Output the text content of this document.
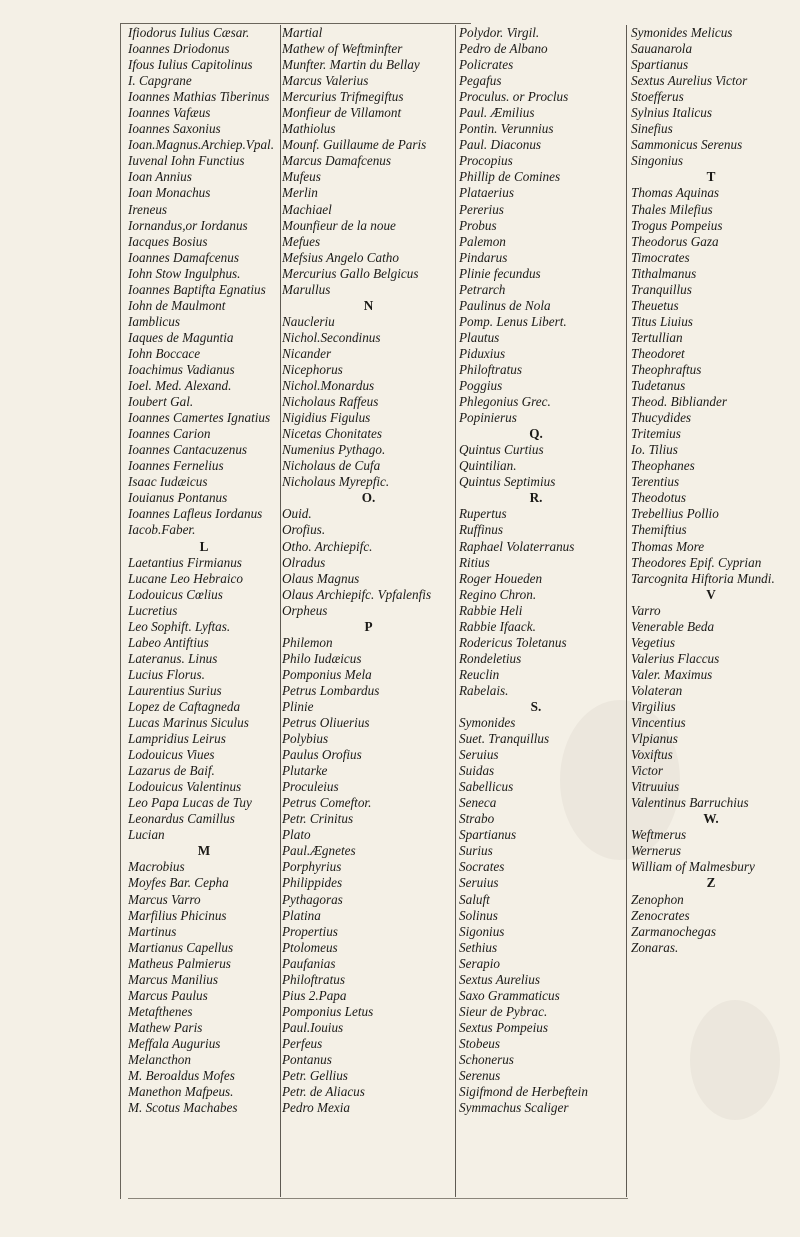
Ifiodorus Iulius Cæsar.
Ioannes Driodonus
Ifous Iulius Capitolinus
I. Capgrane
Ioannes Mathias Tiberinus
Ioannes Vafæus
Ioannes Saxonius
Ioan.Magnus.Archiep.Vpal.
Iuvenal Iohn Functius
Ioan Annius
Ioan Monachus
Ireneus
Iornandus,or Iordanus
Iacques Bosius
Ioannes Damafcenus
Iohn Stow Ingulphus.
Ioannes Baptifta Egnatius
Iohn de Maulmont
Iamblicus
Iaques de Maguntia
Iohn Boccace
Ioachimus Vadianus
Ioel. Med. Alexand.
Ioubert Gal.
Ioannes Camertes Ignatius
Ioannes Carion
Ioannes Cantacuzenus
Ioannes Fernelius
Isaac Iudæicus
Iouianus Pontanus
Ioannes Lafleus Iordanus
Iacob.Faber.
L
Laetantius Firmianus
Lucane Leo Hebraico
Lodouicus Cœlius
Lucretius
Leo Sophift. Lyftas.
Labeo Antiftius
Lateranus. Linus
Lucius Florus.
Laurentius Surius
Lopez de Caftagneda
Lucas Marinus Siculus
Lampridius Leirus
Lodouicus Viues
Lazarus de Baif.
Lodouicus Valentinus
Leo Papa Lucas de Tuy
Leonardus Camillus
Lucian
M
Macrobius
Moyfes Bar. Cepha
Marcus Varro
Marfilius Phicinus
Martinus
Martianus Capellus
Matheus Palmierus
Marcus Manilius
Marcus Paulus
Metafthenes
Mathew Paris
Meffala Augurius
Melancthon
M. Beroaldus Mofes
Manethon Mafpeus.
M. Scotus Machabes
Martial
Mathew of Weftminfter
Munfter. Martin du Bellay
Marcus Valerius
Mercurius Trifmegiftus
Monfieur de Villamont
Mathiolus
Mounf. Guillaume de Paris
Marcus Damafcenus
Mufeus
Merlin
Machiael
Mounfieur de la noue
Mefues
Mefsius Angelo Catho
Mercurius Gallo Belgicus
Marullus
N
Naucleriu
Nichol.Secondinus
Nicander
Nicephorus
Nichol.Monardus
Nicholaus Raffeus
Nigidius Figulus
Nicetas Chonitates
Numenius Pythago.
Nicholaus de Cufa
Nicholaus Myrepfic.
O.
Ouid.
Orofius.
Otho. Archiepifc.
Olradus
Olaus Magnus
Olaus Archiepifc. Vpfalenfis
Orpheus
P
Philemon
Philo Iudæicus
Pomponius Mela
Petrus Lombardus
Plinie
Petrus Oliuerius
Polybius
Paulus Orofius
Plutarke
Proculeius
Petrus Comeftor.
Petr. Crinitus
Plato
Paul.Ægnetes
Porphyrius
Philippides
Pythagoras
Platina
Propertius
Ptolomeus
Paufanias
Philoftratus
Pius 2.Papa
Pomponius Letus
Paul.Iouius
Perfeus
Pontanus
Petr. Gellius
Petr. de Aliacus
Pedro Mexia
Polydor. Virgil.
Pedro de Albano
Policrates
Pegafus
Proculus. or Proclus
Paul. Æmilius
Pontin. Verunnius
Paul. Diaconus
Procopius
Phillip de Comines
Plataerius
Pererius
Probus
Palemon
Pindarus
Plinie fecundus
Petrarch
Paulinus de Nola
Pomp. Lenus Libert.
Plautus
Piduxius
Philoftratus
Poggius
Phlegonius Grec.
Popinierus
Q.
Quintus Curtius
Quintilian.
Quintus Septimius
R.
Rupertus
Ruffinus
Raphael Volaterranus
Ritius
Roger Houeden
Regino Chron.
Rabbie Heli
Rabbie Ifaack.
Rodericus Toletanus
Rondeletius
Reuclin
Rabelais.
S.
Symonides
Suet. Tranquillus
Seruius
Suidas
Sabellicus
Seneca
Strabo
Spartianus
Surius
Socrates
Seruius
Saluft
Solinus
Sigonius
Sethius
Serapio
Sextus Aurelius
Saxo Grammaticus
Sieur de Pybrac.
Sextus Pompeius
Stobeus
Schonerus
Serenus
Sigifmond de Herbeftein
Symmachus Scaliger
Symonides Melicus
Sauanarola
Spartianus
Sextus Aurelius Victor
Stoefferus
Sylnius Italicus
Sinefius
Sammonicus Serenus
Singonius
T
Thomas Aquinas
Thales Milefius
Trogus Pompeius
Theodorus Gaza
Timocrates
Tithalmanus
Tranquillus
Theuetus
Titus Liuius
Tertullian
Theodoret
Theophraftus
Tudetanus
Theod. Bibliander
Thucydides
Tritemius
Io. Tilius
Theophanes
Terentius
Theodotus
Trebellius Pollio
Themiftius
Thomas More
Theodores Epif. Cyprian
Tarcognita Hiftoria Mundi.
V
Varro
Venerable Beda
Vegetius
Valerius Flaccus
Valer. Maximus
Volateran
Virgilius
Vincentius
Vlpianus
Voxiftus
Victor
Vitruuius
Valentinus Barruchius
W.
Weftmerus
Wernerus
William of Malmesbury
Z
Zenophon
Zenocrates
Zarmanochegas
Zonaras.
